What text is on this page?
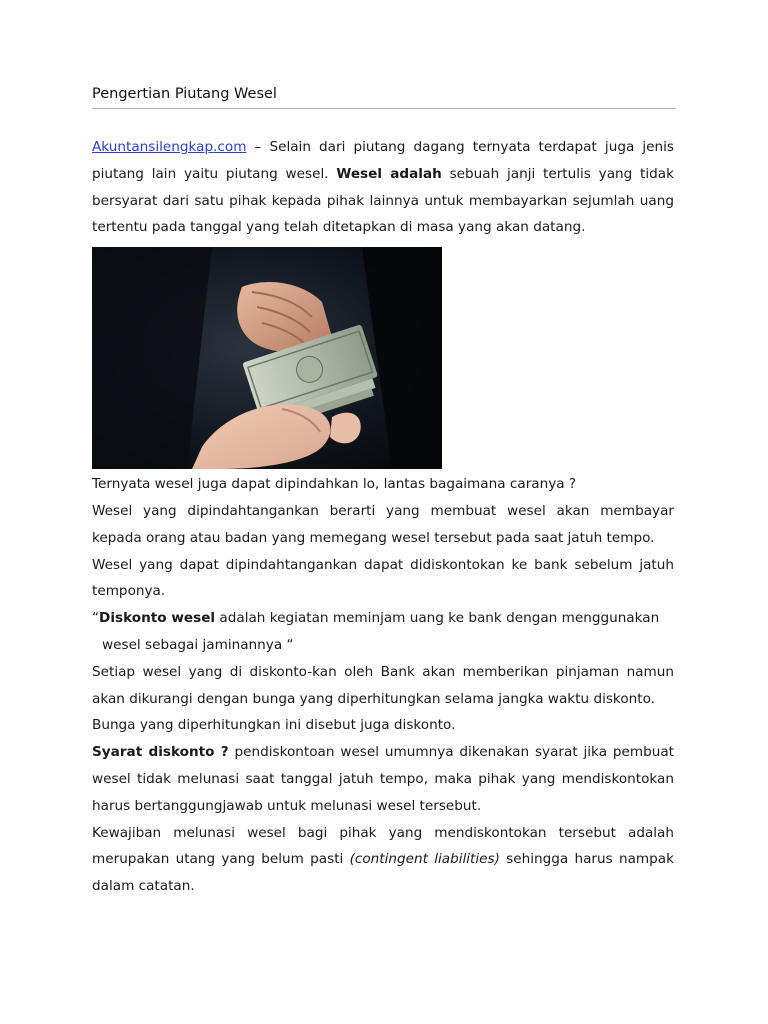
Pengertian Piutang Wesel

Akuntansilengkap.com – Selain dari piutang dagang ternyata terdapat juga jenis piutang lain yaitu piutang wesel. Wesel adalah sebuah janji tertulis yang tidak bersyarat dari satu pihak kepada pihak lainnya untuk membayarkan sejumlah uang tertentu pada tanggal yang telah ditetapkan di masa yang akan datang.

Ternyata wesel juga dapat dipindahkan lo, lantas bagaimana caranya ?

Wesel yang dipindahtangankan berarti yang membuat wesel akan membayar kepada orang atau badan yang memegang wesel tersebut pada saat jatuh tempo.

Wesel yang dapat dipindahtangankan dapat didiskontokan ke bank sebelum jatuh temponya.

“Diskonto wesel adalah kegiatan meminjam uang ke bank dengan menggunakan

wesel sebagai jaminannya “

Setiap wesel yang di diskonto-kan oleh Bank akan memberikan pinjaman namun akan dikurangi dengan bunga yang diperhitungkan selama jangka waktu diskonto.

Bunga yang diperhitungkan ini disebut juga diskonto.

Syarat diskonto ? pendiskontoan wesel umumnya dikenakan syarat jika pembuat wesel tidak melunasi saat tanggal jatuh tempo, maka pihak yang mendiskontokan harus bertanggungjawab untuk melunasi wesel tersebut.

Kewajiban melunasi wesel bagi pihak yang mendiskontokan tersebut adalah merupakan utang yang belum pasti (contingent liabilities) sehingga harus nampak dalam catatan.
